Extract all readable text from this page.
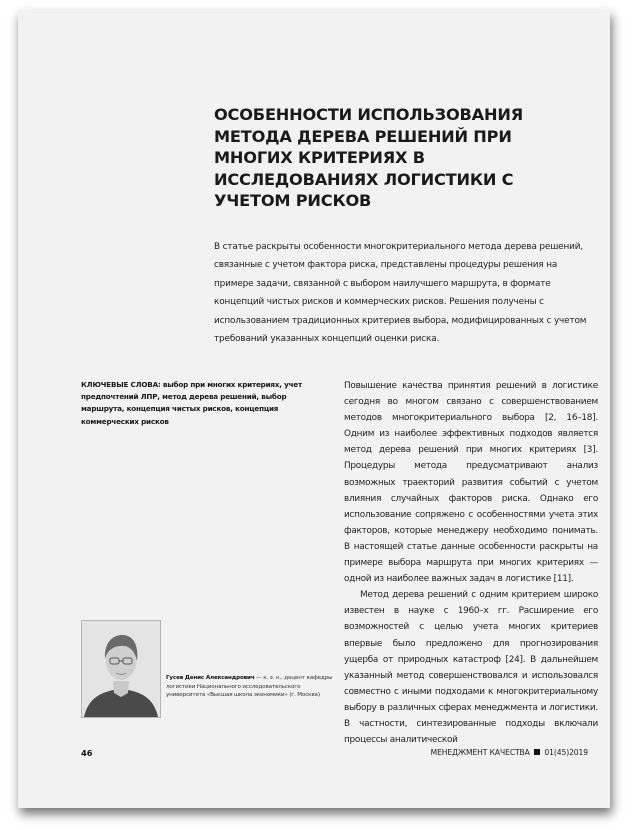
ОСОБЕННОСТИ ИСПОЛЬЗОВАНИЯ МЕТОДА ДЕРЕВА РЕШЕНИЙ ПРИ МНОГИХ КРИТЕРИЯХ В ИССЛЕДОВАНИЯХ ЛОГИСТИКИ С УЧЕТОМ РИСКОВ
В статье раскрыты особенности многокритериального метода дерева решений, связанные с учетом фактора риска, представлены процедуры решения на примере задачи, связанной с выбором наилучшего маршрута, в формате концепций чистых рисков и коммерческих рисков. Решения получены с использованием традиционных критериев выбора, модифицированных с учетом требований указанных концепций оценки риска.
КЛЮЧЕВЫЕ СЛОВА: выбор при многих критериях, учет предпочтений ЛПР, метод дерева решений, выбор маршрута, концепция чистых рисков, концепция коммерческих рисков

Повышение качества принятия решений в логистике сегодня во многом связано с совершенствованием методов многокритериального выбора [2, 16–18]. Одним из наиболее эффективных подходов является метод дерева решений при многих критериях [3]. Процедуры метода предусматривают анализ возможных траекторий развития событий с учетом влияния случайных факторов риска. Однако его использование сопряжено с особенностями учета этих факторов, которые менеджеру необходимо понимать. В настоящей статье данные особенности раскрыты на примере выбора маршрута при многих критериях — одной из наиболее важных задач в логистике [11].

Метод дерева решений с одним критерием широко известен в науке с 1960–х гг. Расширение его возможностей с целью учета многих критериев впервые было предложено для прогнозирования ущерба от природных катастроф [24]. В дальнейшем указанный метод совершенствовался и использовался совместно с иными подходами к многокритериальному выбору в различных сферах менеджмента и логистики. В частности, синтезированные подходы включали процессы аналитической

Гусев Денис Александрович — к. э. н., доцент кафедры логистики Национального исследовательского университета «Высшая школа экономики» (г. Москва)
46	МЕНЕДЖМЕНТ КАЧЕСТВА 01(45)2019
